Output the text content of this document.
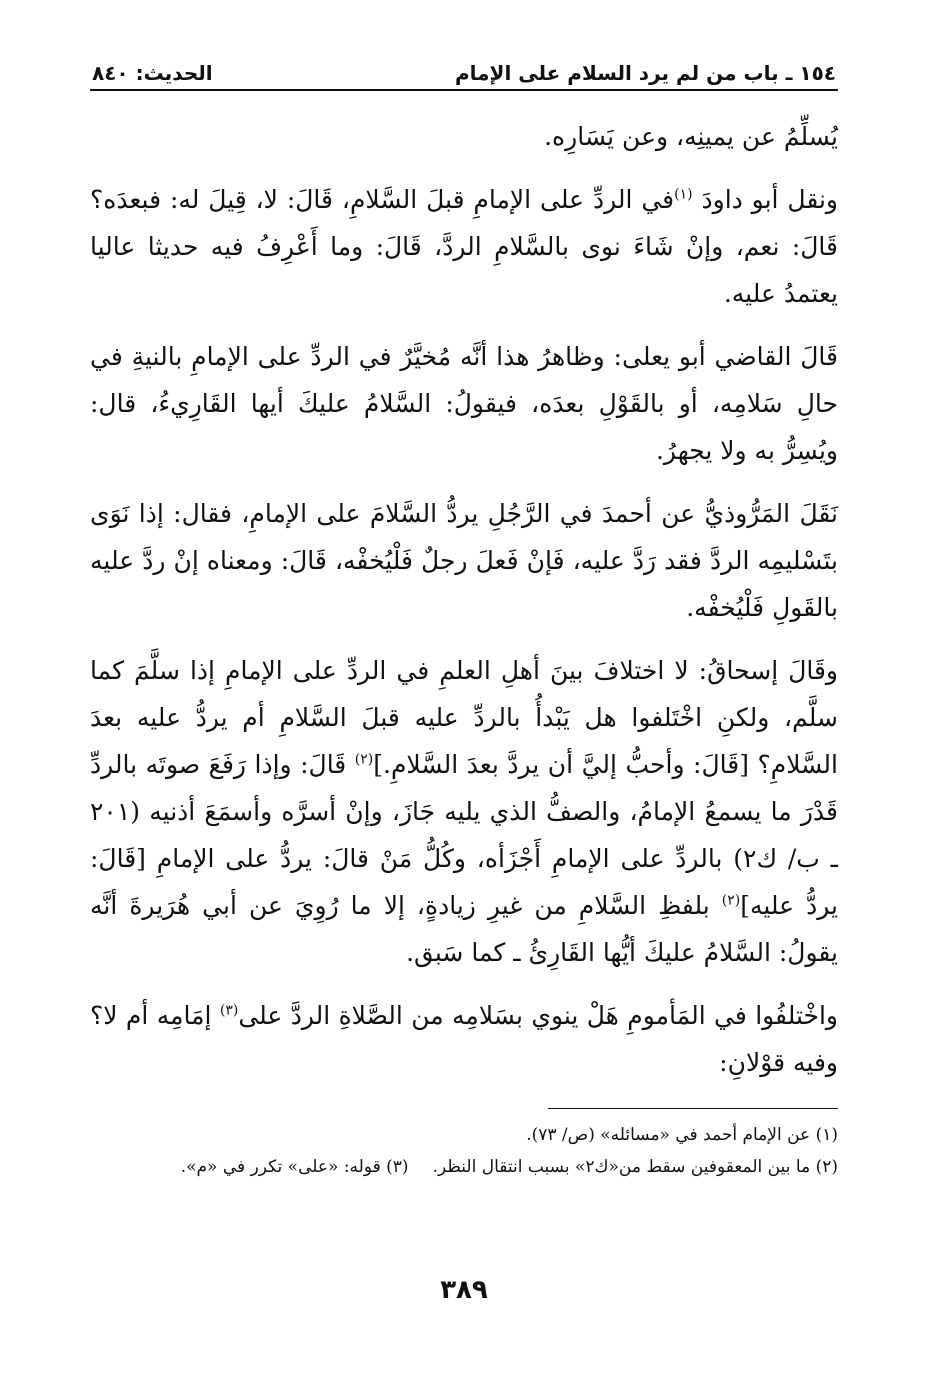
١٥٤ ـ باب من لم يرد السلام على الإمام
الحديث: ٨٤٠

يُسلِّمُ عن يمينِه، وعن يَسَارِه.

ونقل أبو داودَ $^{(١)}$في الردِّ على الإمامِ قبلَ السَّلامِ، قَالَ: لا، قِيلَ له: فبعدَه؟ قَالَ: نعم، وإنْ شَاءَ نوى بالسَّلامِ الردَّ، قَالَ: وما أَعْرِفُ فيه حديثا عاليا يعتمدُ عليه.

قَالَ القاضي أبو يعلى: وظاهرُ هذا أنَّه مُخيَّرٌ في الردِّ على الإمامِ بالنيةِ في حالِ سَلامِه، أو بالقَوْلِ بعدَه، فيقولُ: السَّلامُ عليكَ أيها القَارِيءُ، قال: ويُسِرُّ به ولا يجهرُ.

نَقَلَ المَرُّوذيُّ عن أحمدَ في الرَّجُلِ يردُّ السَّلامَ على الإمامِ، فقال: إذا نَوَى بتَسْليمِه الردَّ فقد رَدَّ عليه، فَإنْ فَعلَ رجلٌ فَلْيُخفْه، قَالَ: ومعناه إنْ ردَّ عليه بالقَولِ فَلْيُخفْه.

وقَالَ إسحاقُ: لا اختلافَ بينَ أهلِ العلمِ في الردِّ على الإمامِ إذا سلَّمَ كما سلَّم، ولكنِ اخْتَلفوا هل يَبْدأُ بالردِّ عليه قبلَ السَّلامِ أم يردُّ عليه بعدَ السَّلامِ؟ [قَالَ: وأحبُّ إليَّ أن يردَّ بعدَ السَّلامِ.]$^{(٢)}$ قَالَ: وإذا رَفَعَ صوتَه بالردِّ قَدْرَ ما يسمعُ الإمامُ، والصفُّ الذي يليه جَازَ، وإنْ أسرَّه وأسمَعَ أذنيه (٢٠١ ـ ب/ ك٢) بالردِّ على الإمامِ أَجْزَأه، وكُلُّ مَنْ قالَ: يردُّ على الإمامِ [قَالَ: يردُّ عليه]$^{(٢)}$ بلفظِ السَّلامِ من غيرِ زيادةٍ، إلا ما رُوِيَ عن أبي هُرَيرةَ أنَّه يقولُ: السَّلامُ عليكَ أيُّها القَارِئُ ـ كما سَبق.

واخْتلفُوا في المَأمومِ هَلْ ينوي بسَلامِه من الصَّلاةِ الردَّ على$^{(٣)}$ إمَامِه أم لا؟ وفيه قوْلانِ:

(١) عن الإمام أحمد في «مسائله» (ص/ ٧٣).
(٢) ما بين المعقوفين سقط من«ك٢» بسبب انتقال النظر.(٣) قوله: «على» تكرر في «م».
٣٨٩
